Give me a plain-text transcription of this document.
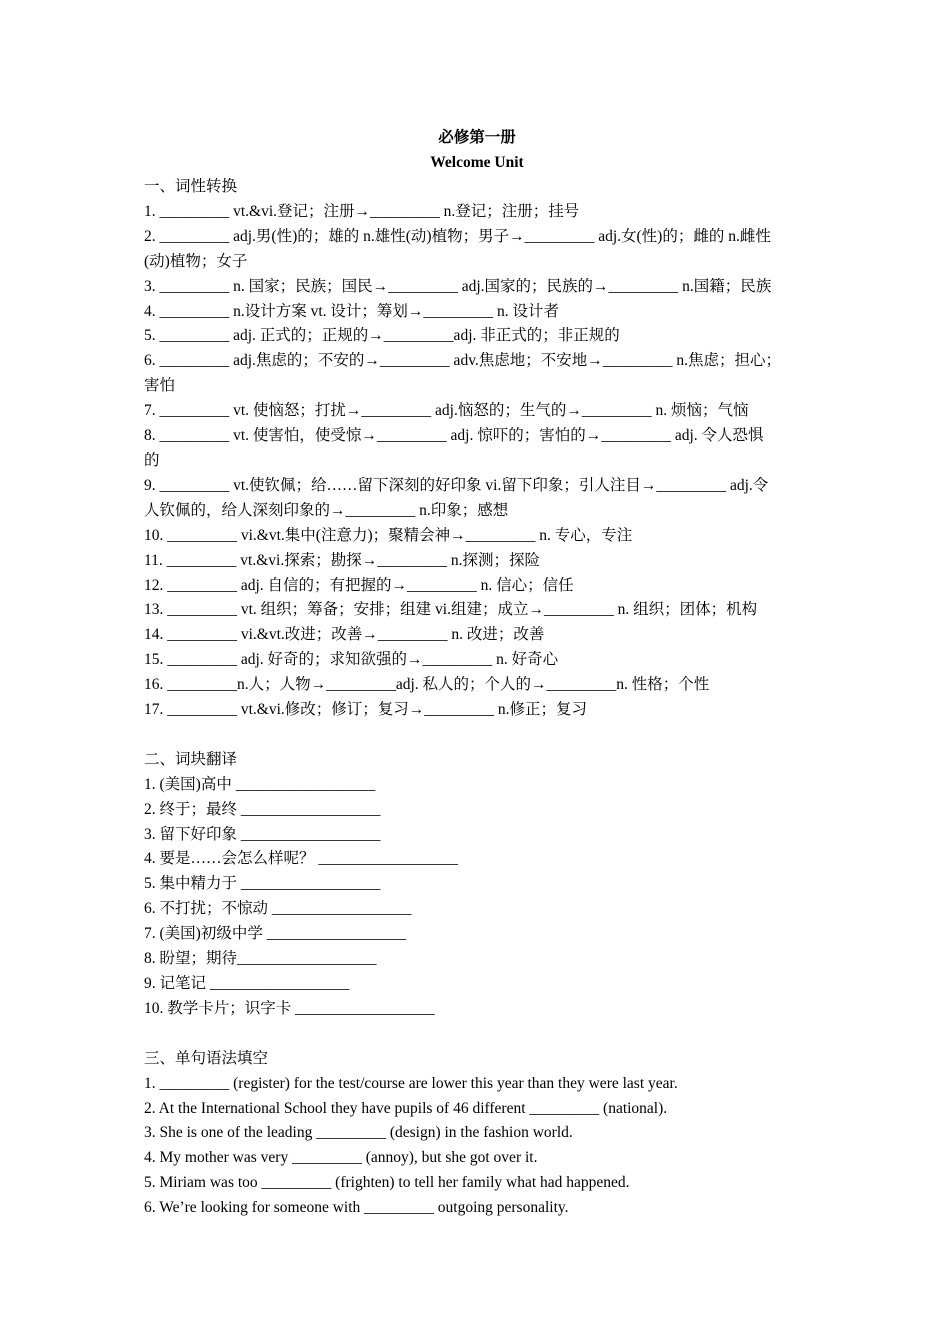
必修第一册
Welcome Unit
一、词性转换
1. _________ vt.&vi.登记；注册→_________ n.登记；注册；挂号
2. _________ adj.男(性)的；雄的 n.雄性(动)植物；男子→_________ adj.女(性)的；雌的 n.雌性
(动)植物；女子
3. _________ n. 国家；民族；国民→_________ adj.国家的；民族的→_________ n.国籍；民族
4. _________ n.设计方案 vt. 设计；筹划→_________ n. 设计者
5. _________ adj. 正式的；正规的→_________adj. 非正式的；非正规的
6. _________ adj.焦虑的；不安的→_________ adv.焦虑地；不安地→_________ n.焦虑；担心；
害怕
7. _________ vt. 使恼怒；打扰→_________ adj.恼怒的；生气的→_________ n. 烦恼；气恼
8. _________ vt. 使害怕，使受惊→_________ adj. 惊吓的；害怕的→_________ adj. 令人恐惧
的
9. _________ vt.使钦佩；给……留下深刻的好印象 vi.留下印象；引人注目→_________ adj.令
人钦佩的，给人深刻印象的→_________ n.印象；感想
10. _________ vi.&vt.集中(注意力)；聚精会神→_________ n. 专心，专注
11. _________ vt.&vi.探索；勘探→_________ n.探测；探险
12. _________ adj. 自信的；有把握的→_________ n. 信心；信任
13. _________ vt. 组织；筹备；安排；组建 vi.组建；成立→_________ n. 组织；团体；机构
14. _________ vi.&vt.改进；改善→_________ n. 改进；改善
15. _________ adj. 好奇的；求知欲强的→_________ n. 好奇心
16. _________n.人；人物→_________adj. 私人的；个人的→_________n. 性格；个性
17. _________ vt.&vi.修改；修订；复习→_________ n.修正；复习
二、词块翻译
1. (美国)高中 __________________
2. 终于；最终 __________________
3. 留下好印象 __________________
4. 要是……会怎么样呢？ __________________
5. 集中精力于 __________________
6. 不打扰；不惊动 __________________
7. (美国)初级中学 __________________
8. 盼望；期待__________________
9. 记笔记 __________________
10. 教学卡片；识字卡 __________________
三、单句语法填空
1. _________ (register) for the test/course are lower this year than they were last year.
2. At the International School they have pupils of 46 different _________ (national).
3. She is one of the leading _________ (design) in the fashion world.
4. My mother was very _________ (annoy), but she got over it.
5. Miriam was too _________ (frighten) to tell her family what had happened.
6. We’re looking for someone with _________ outgoing personality.
